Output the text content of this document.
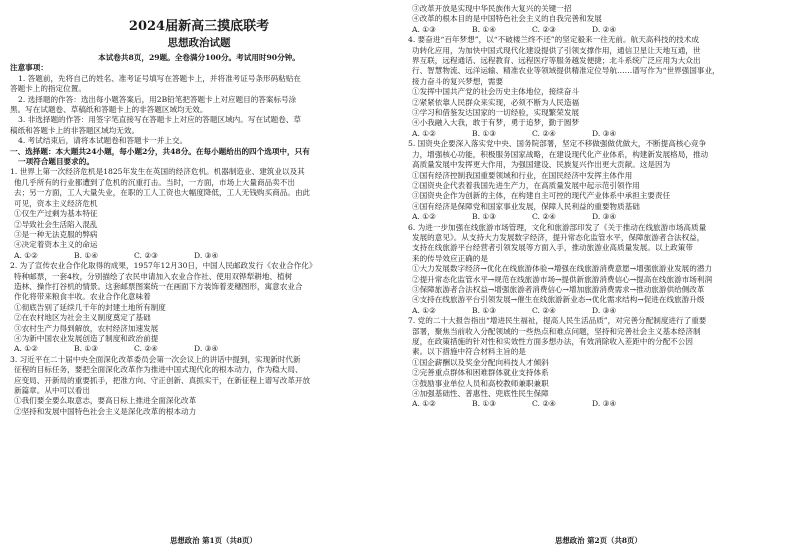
2024届新高三摸底联考
思想政治试题
本试卷共8页，29题。全卷满分100分。考试用时90分钟。
注意事项：
1. 答题前，先将自己的姓名、准考证号填写在答题卡上，并将准考证号条形码粘贴在
答题卡上的指定位置。
2. 选择题的作答：选出每小题答案后，用2B铅笔把答题卡上对应题目的答案标号涂
黑。写在试题卷、草稿纸和答题卡上的非答题区域均无效。
3. 非选择题的作答：用签字笔直接写在答题卡上对应的答题区域内。写在试题卷、草
稿纸和答题卡上的非答题区域均无效。
4. 考试结束后，请将本试题卷和答题卡一并上交。
一、选择题：本大题共24小题，每小题2分，共48分。在每小题给出的四个选项中，只有
一项符合题目要求的。
1. 世界上第一次经济危机是1825年发生在英国的经济危机。机器制造业、建筑业以及其
他几乎所有的行业都遭到了危机的沉重打击。当时，一方面，市场上大量商品卖不出
去；另一方面，工人大量失业，在职的工人工资也大幅度降低，工人无钱购买商品。由此
可见，资本主义经济危机
①仅生产过剩为基本特征
②导致社会生活陷入混乱
③是一种无法克服的弊病
④决定着资本主义的命运
A. ①②	B. ①④	C. ②③	D. ③④
2. 为了宣传农业合作化取得的成果，1957年12月30日，中国人民邮政发行《农业合作化》
特种邮票，一套4枚，分别描绘了农民申请加入农业合作社、使用双铧犁耕地、植树
造林、操作打谷机的情景。这套邮票图案统一在画面下方装饰着麦穗图形，寓意农业合
作化将带来粮食丰收。农业合作化意味着
①彻底告别了延续几千年的封建土地所有制度
②在农村地区为社会主义制度奠定了基础
③农村生产力得到解放，农村经济加速发展
④为新中国农业发展创造了制度和政治前提
A. ①②	B. ①③	C. ②④	D. ③④
3. 习近平在二十届中央全面深化改革委员会第一次会议上的讲话中提到，实现新时代新
征程的目标任务，要把全面深化改革作为推进中国式现代化的根本动力，作为稳大局、
应变局、开新局的重要抓手，把准方向、守正创新、真抓实干，在新征程上谱写改革开放
新篇章。从中可以看出
①我们要全要么取意志，要高日标上推进全面深化改革
②坚持和发展中国特色社会主义是深化改革的根本动力
③改革开放是实现中华民族伟大复兴的关键一招
④改革的根本目的是中国特色社会主义的自我完善和发展
A. ①③	B. ①④	C. ②③	D. ②④
4. 要奋进“百年梦想”，以“不破楼兰终不还”的坚定毅来一往无前。航天高科技的技术成
功转化应用，为加快中国式现代化建设提供了引领支撑作用，通信卫星让天地互通，世
界互联，远程通话、远程教育、远程医疗等服务越发便捷；北斗系统广泛应用为大众出
行、智慧物流、远洋运输、精准农业等领域提供精准定位导航……谱写作为“世界强国事业，
接力奋斗的复兴梦想，需要
①发挥中国共产党的社会历史主体地位，接续奋斗
②紧紧依靠人民群众来实现，必须不断为人民造福
③学习和借鉴发达国家的一切经验，实现繁荣发展
④小我融入大我，敢于有梦，勇于追梦，勤于圆梦
A. ①②	B. ①③	C. ②④	D. ③④
5. 国资央企要深入落实党中央、国务院部署，坚定不移做强做优做大，不断提高核心竞争
力，增强核心功能，积极服务国家战略，在建设现代化产业体系，构建新发展格局，推动
高质量发展中发挥更大作用，为强国建设、民族复兴作出更大贡献。这是因为
①国有经济控制我国重要领域和行业，在国民经济中发挥主体作用
②国资央企代表着我国先进生产力，在高质量发展中起示范引领作用
③国资央企作为创新的主体，在构建自主可控的现代产业体系中承担主要责任
④国有经济是保障党和国家事业发展，保障人民利益的重要物质基础
A. ①②	B. ①③	C. ②④	D. ③④
6. 为进一步加强在线旅游市场管理，文化和旅游部印发了《关于推动在线旅游市场高质量
发展的意见》。从支持大力发展数字经济，提升常态化监管水平，保障旅游者合法权益，
支持在线旅游平台经营者引领发展等方面入手，推动旅游业高质量发展。以上政策带
来的传导效应正确的是
①大力发展数字经济→优化在线旅游体验→增强在线旅游消费意愿→增强旅游业发展的潜力
②提升常态化监管水平→规范在线旅游市场→提供新旅游消费信心→提高在线旅游市场利润
③保障旅游者合法权益→增强旅游者消费信心→增加旅游消费需求→推动旅游供给侧改革
④支持在线旅游平台引领发展→催生在线旅游新业态→优化需求结构→促进在线旅游升级
A. ①②	B. ①③	C. ②④	D. ③④
7. 党的二十大报告指出“增进民生福祉，提高人民生活品质”，对完善分配制度进行了重要
部署，聚焦当前收入分配领域的一些热点和难点问题，坚持和完善社会主义基本经济制
度，在政策措施的针对性和实效性方面多想办法，有效消除收入差距中的分配不公因
素。以下措施中符合材料主旨的是
①国企薪酬以及奖金分配向科技人才倾斜
②完善重点群体和困难群体就业支持体系
③鼓励事业单位人员和高校教师兼职兼职
④加强基础性、普惠性、兜底性民生保障
A. ①②	B. ①③	C. ②④	D. ③④
思想政治 第1页（共8页）	思想政治 第2页（共8页）
